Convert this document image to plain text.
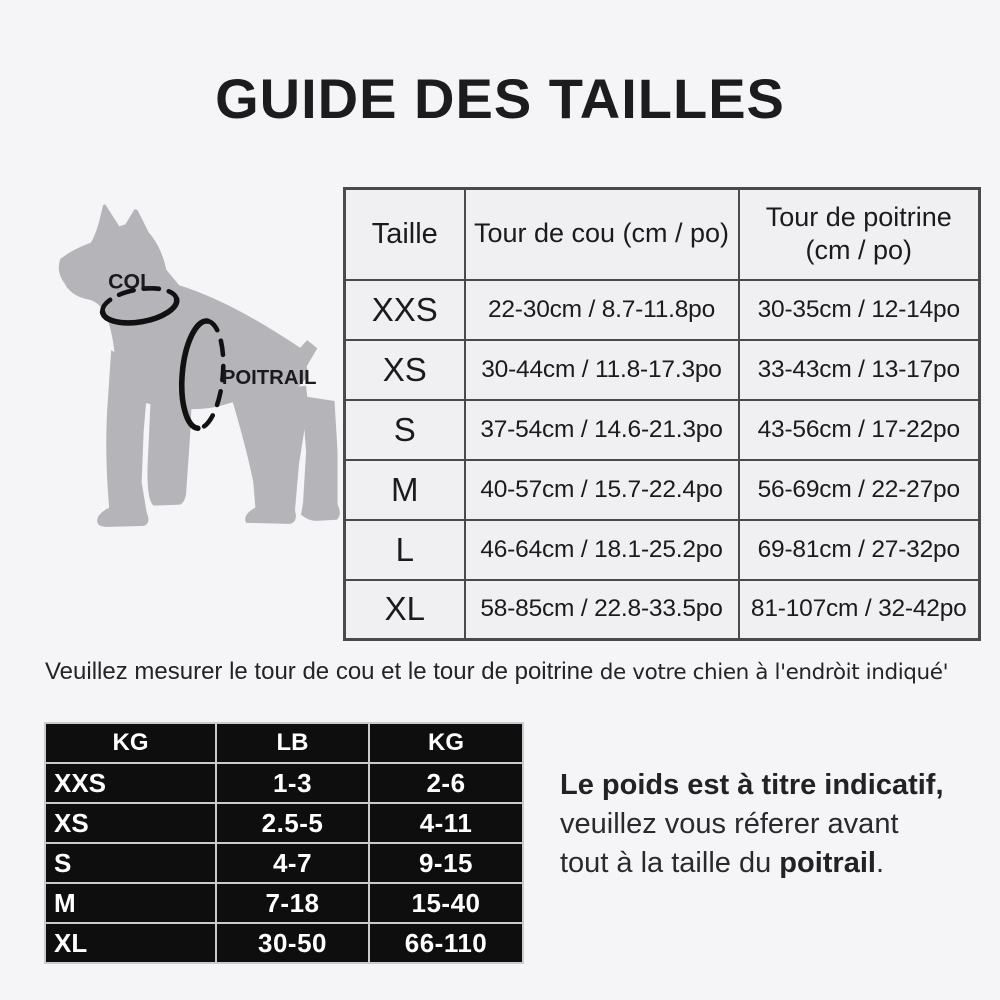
GUIDE DES TAILLES
COL
POITRAIL
Taille	Tour de cou (cm / po)	Tour de poitrine (cm / po)
XXS	22-30cm / 8.7-11.8po	30-35cm / 12-14po
XS	30-44cm / 11.8-17.3po	33-43cm / 13-17po
S	37-54cm / 14.6-21.3po	43-56cm / 17-22po
M	40-57cm / 15.7-22.4po	56-69cm / 22-27po
L	46-64cm / 18.1-25.2po	69-81cm / 27-32po
XL	58-85cm / 22.8-33.5po	81-107cm / 32-42po
Veuillez mesurer le tour de cou et le tour de poitrine de votre chien à l'endròit indiqué'
KG	LB	KG
XXS	1-3	2-6
XS	2.5-5	4-11
S	4-7	9-15
M	7-18	15-40
XL	30-50	66-110
Le poids est à titre indicatif,
veuillez vous réferer avant
tout à la taille du poitrail.
